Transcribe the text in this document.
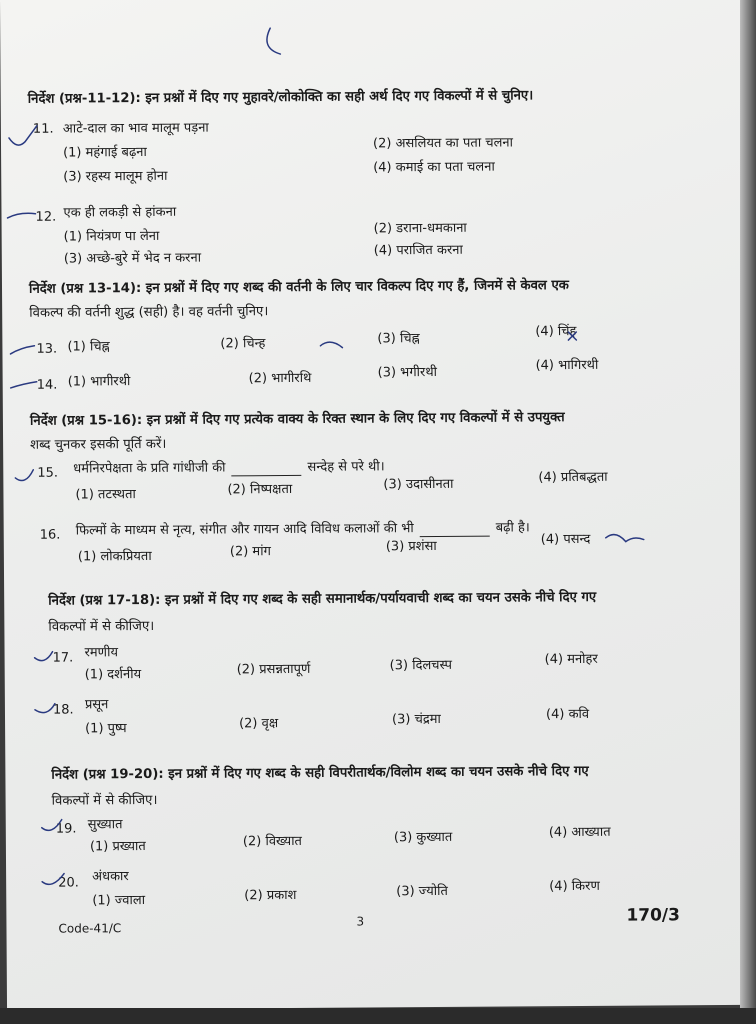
निर्देश (प्रश्न-11-12): इन प्रश्नों में दिए गए मुहावरे/लोकोक्ति का सही अर्थ दिए गए विकल्पों में से चुनिए।
11. आटे-दाल का भाव मालूम पड़ना
(1) महंगाई बढ़ना
(2) असलियत का पता चलना
(3) रहस्य मालूम होना
(4) कमाई का पता चलना
12. एक ही लकड़ी से हांकना
(1) नियंत्रण पा लेना
(2) डराना-धमकाना
(3) अच्छे-बुरे में भेद न करना
(4) पराजित करना
निर्देश (प्रश्न 13-14): इन प्रश्नों में दिए गए शब्द की वर्तनी के लिए चार विकल्प दिए गए हैं, जिनमें से केवल एक
विकल्प की वर्तनी शुद्ध (सही) है। वह वर्तनी चुनिए।
13. (1) चिह्न	(2) चिन्ह	(3) चिह्न	(4) चिंह
14. (1) भागीरथी	(2) भागीरथि	(3) भगीरथी	(4) भागिरथी
निर्देश (प्रश्न 15-16): इन प्रश्नों में दिए गए प्रत्येक वाक्य के रिक्त स्थान के लिए दिए गए विकल्पों में से उपयुक्त
शब्द चुनकर इसकी पूर्ति करें।
15. धर्मनिरपेक्षता के प्रति गांधीजी की	सन्देह से परे थी।
(1) तटस्थता	(2) निष्पक्षता	(3) उदासीनता	(4) प्रतिबद्धता
16. फिल्मों के माध्यम से नृत्य, संगीत और गायन आदि विविध कलाओं की भी	बढ़ी है।
(1) लोकप्रियता	(2) मांग	(3) प्रशंसा	(4) पसन्द
निर्देश (प्रश्न 17-18): इन प्रश्नों में दिए गए शब्द के सही समानार्थक/पर्यायवाची शब्द का चयन उसके नीचे दिए गए
विकल्पों में से कीजिए।
17. रमणीय
(1) दर्शनीय	(2) प्रसन्नतापूर्ण	(3) दिलचस्प	(4) मनोहर
18. प्रसून
(1) पुष्प	(2) वृक्ष	(3) चंद्रमा	(4) कवि
निर्देश (प्रश्न 19-20): इन प्रश्नों में दिए गए शब्द के सही विपरीतार्थक/विलोम शब्द का चयन उसके नीचे दिए गए
विकल्पों में से कीजिए।
19. सुख्यात
(1) प्रख्यात	(2) विख्यात	(3) कुख्यात	(4) आख्यात
20. अंधकार
(1) ज्वाला	(2) प्रकाश	(3) ज्योति	(4) किरण
Code-41/C	3	170/3
